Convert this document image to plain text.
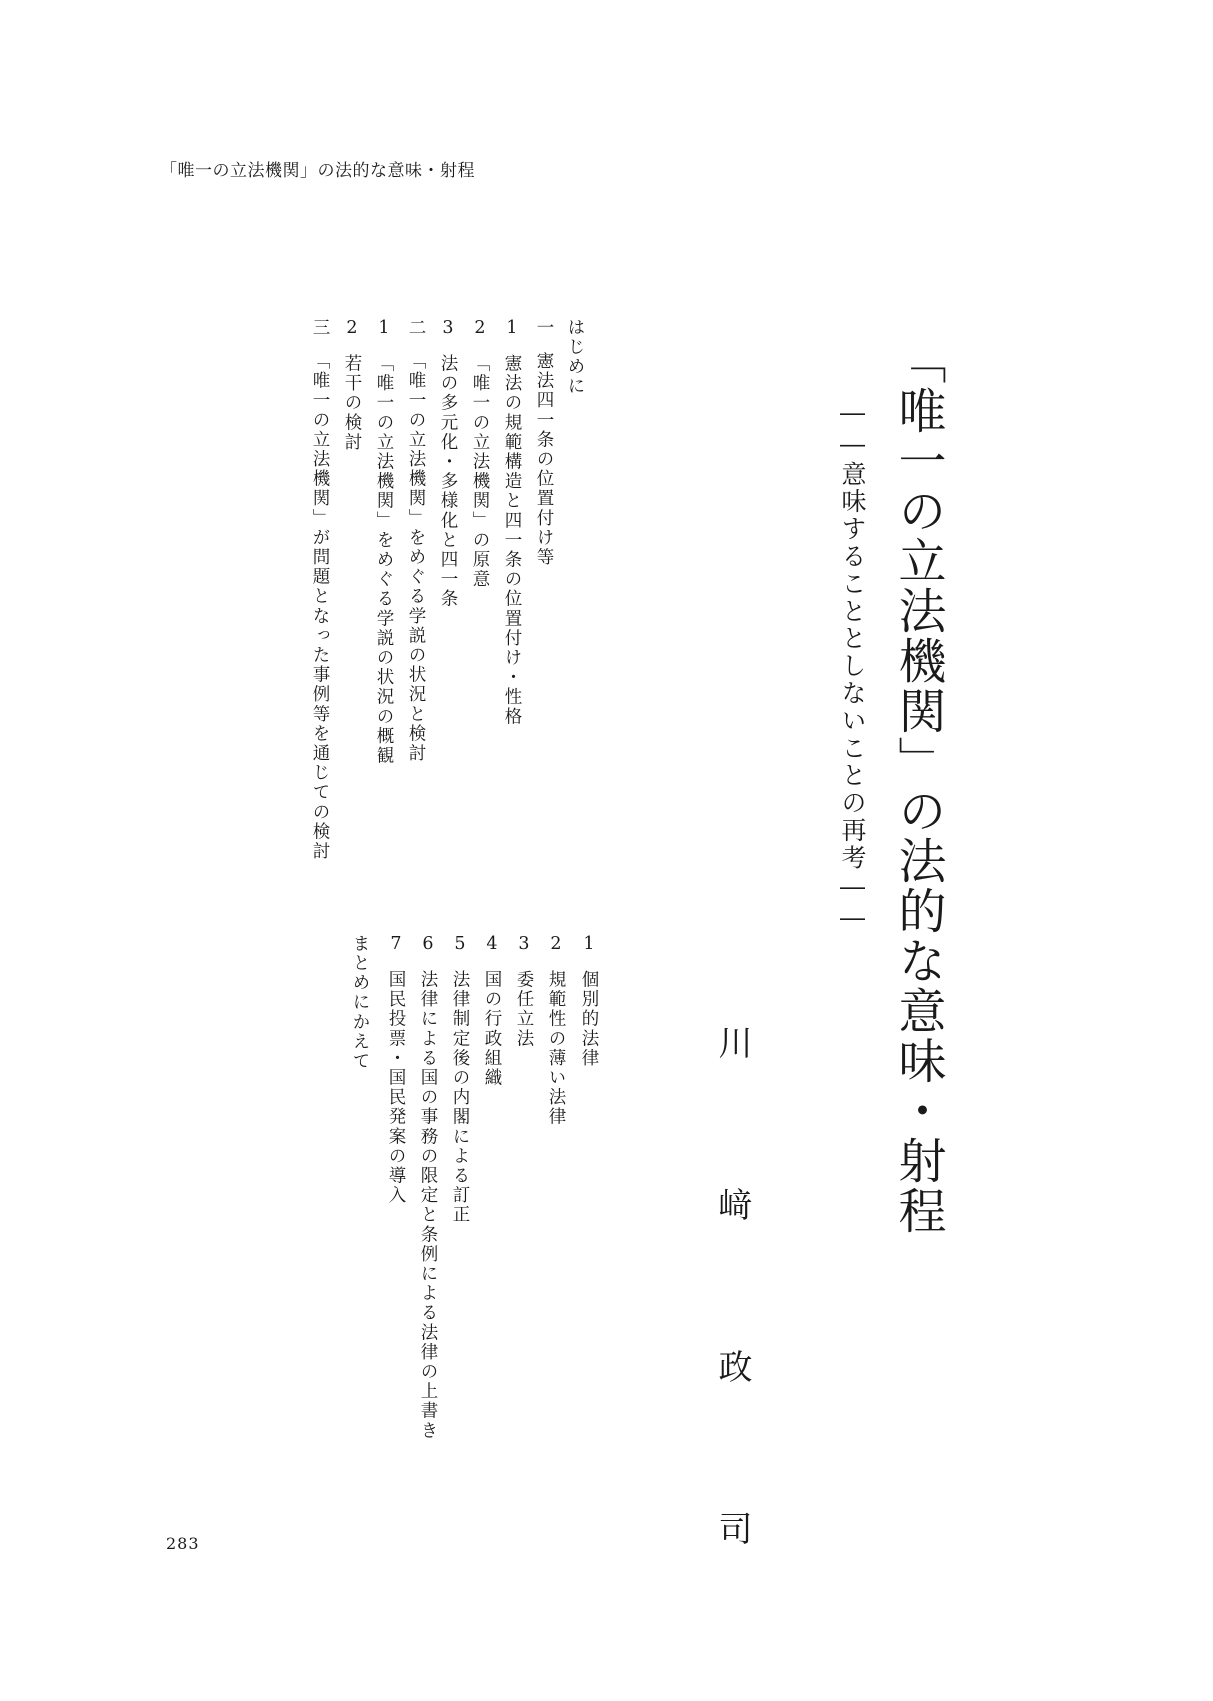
「唯一の立法機関」の法的な意味・射程
「唯一の立法機関」の法的な意味・射程
――意味することとしないことの再考――
川 﨑 政 司
はじめに
一憲法四一条の位置付け等
1憲法の規範構造と四一条の位置付け・性格
2「唯一の立法機関」の原意
3法の多元化・多様化と四一条
二「唯一の立法機関」をめぐる学説の状況と検討
1「唯一の立法機関」をめぐる学説の状況の概観
2若干の検討
三「唯一の立法機関」が問題となった事例等を通じての検討
1個別的法律
2規範性の薄い法律
3委任立法
4国の行政組織
5法律制定後の内閣による訂正
6法律による国の事務の限定と条例による法律の上書き
7国民投票・国民発案の導入
まとめにかえて
283
